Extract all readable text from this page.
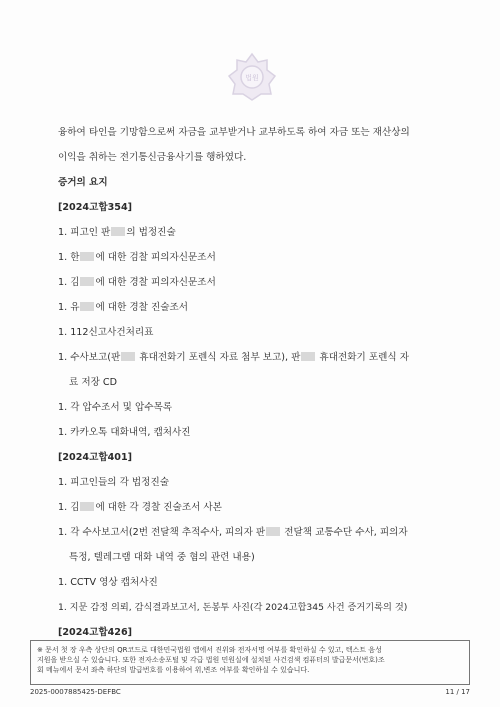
법원

융하여 타인을 기망함으로써 자금을 교부받거나 교부하도록 하여 자금 또는 재산상의

이익을 취하는 전기통신금융사기를 행하였다.

증거의 요지

[2024고합354]

1. 피고인 판 의 법정진술

1. 한 에 대한 검찰 피의자신문조서

1. 김 에 대한 경찰 피의자신문조서

1. 유 에 대한 경찰 진술조서

1. 112신고사건처리표

1. 수사보고(판 휴대전화기 포렌식 자료 첨부 보고), 판 휴대전화기 포렌식 자

료 저장 CD

1. 각 압수조서 및 압수목록

1. 카카오톡 대화내역, 캡처사진

[2024고합401]

1. 피고인들의 각 법정진술

1. 김 에 대한 각 경찰 진술조서 사본

1. 각 수사보고서(2번 전달책 추적수사, 피의자 판 전달책 교통수단 수사, 피의자

특정, 텔레그램 대화 내역 중 혐의 관련 내용)

1. CCTV 영상 캡처사진

1. 지문 감정 의뢰, 감식결과보고서, 돈봉투 사진(각 2024고합345 사건 증거기록의 것)

[2024고합426]

※ 문서 첫 장 우측 상단의 QR코드로 대한민국법원 앱에서 진위와 전자서명 여부를 확인하실 수 있고, 텍스트 음성
지원을 받으실 수 있습니다. 또한 전자소송포털 및 각급 법원 민원실에 설치된 사건검색 컴퓨터의 발급문서(번호)조
회 메뉴에서 문서 좌측 하단의 발급번호를 이용하여 위,변조 여부를 확인하실 수 있습니다.
2025-0007885425-DEFBC	11 / 17
